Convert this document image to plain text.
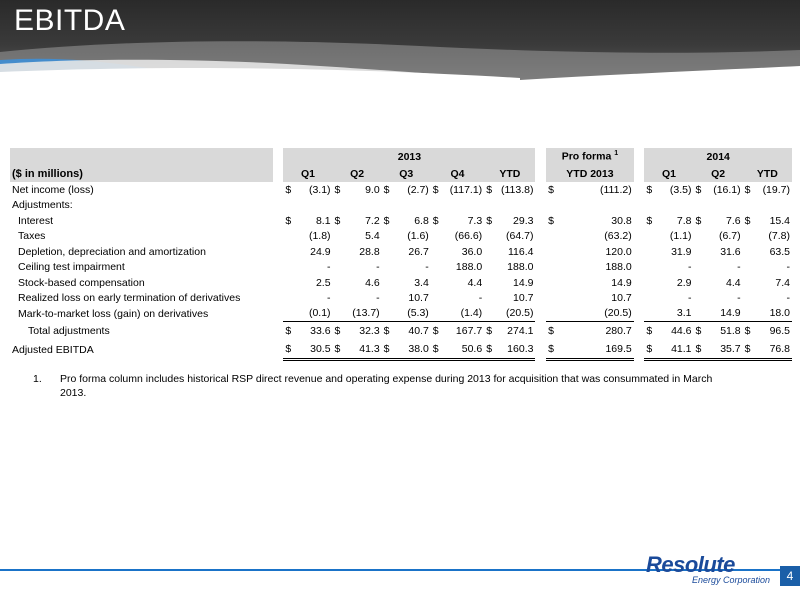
EBITDA
		2013											Pro forma $^1$			2014					
($ in millions)		Q1		Q2		Q3		Q4		YTD			YTD 2013			Q1		Q2		YTD	
Net income (loss)		$	(3.1)	$	9.0	$	(2.7)	$	(117.1)	$	(113.8)		$	(111.2)		$	(3.5)	$	(16.1)	$	(19.7)
Adjustments:																					
Interest		$	8.1	$	7.2	$	6.8	$	7.3	$	29.3		$	30.8		$	7.8	$	7.6	$	15.4
Taxes			(1.8)		5.4		(1.6)		(66.6)		(64.7)			(63.2)			(1.1)		(6.7)		(7.8)
Depletion, depreciation and amortization			24.9		28.8		26.7		36.0		116.4			120.0			31.9		31.6		63.5
Ceiling test impairment			-		-		-		188.0		188.0			188.0			-		-		-
Stock-based compensation			2.5		4.6		3.4		4.4		14.9			14.9			2.9		4.4		7.4
Realized loss on early termination of derivatives			-		-		10.7		-		10.7			10.7			-		-		-
Mark-to-market loss (gain) on derivatives			(0.1)		(13.7)		(5.3)		(1.4)		(20.5)			(20.5)			3.1		14.9		18.0
Total adjustments		$	33.6	$	32.3	$	40.7	$	167.7	$	274.1		$	280.7		$	44.6	$	51.8	$	96.5
Adjusted EBITDA		$	30.5	$	41.3	$	38.0	$	50.6	$	160.3		$	169.5		$	41.1	$	35.7	$	76.8
1. Pro forma column includes historical RSP direct revenue and operating expense during 2013 for acquisition that was consummated in March 2013.
Resolute
Energy Corporation	4
